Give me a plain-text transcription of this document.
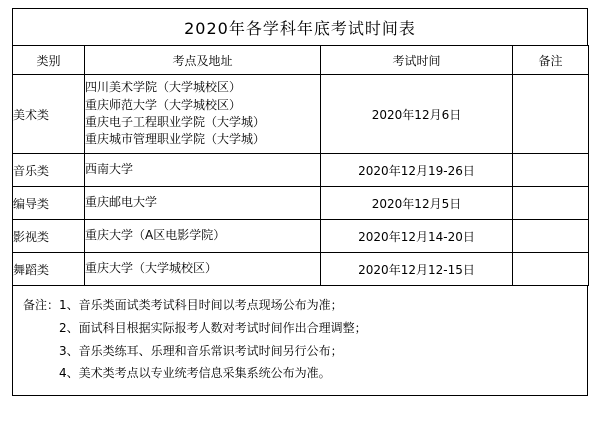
2020年各学科年底考试时间表
类别	考点及地址	考试时间	备注
美术类	四川美术学院（大学城校区）
重庆师范大学（大学城校区）
重庆电子工程职业学院（大学城）
重庆城市管理职业学院（大学城）	2020年12月6日	
音乐类	西南大学	2020年12月19-26日	
编导类	重庆邮电大学	2020年12月5日	
影视类	重庆大学（A区电影学院）	2020年12月14-20日	
舞蹈类	重庆大学（大学城校区）	2020年12月12-15日	
备注： 1、音乐类面试类考试科目时间以考点现场公布为准；
2、面试科目根据实际报考人数对考试时间作出合理调整；
3、音乐类练耳、乐理和音乐常识考试时间另行公布；
4、美术类考点以专业统考信息采集系统公布为准。
